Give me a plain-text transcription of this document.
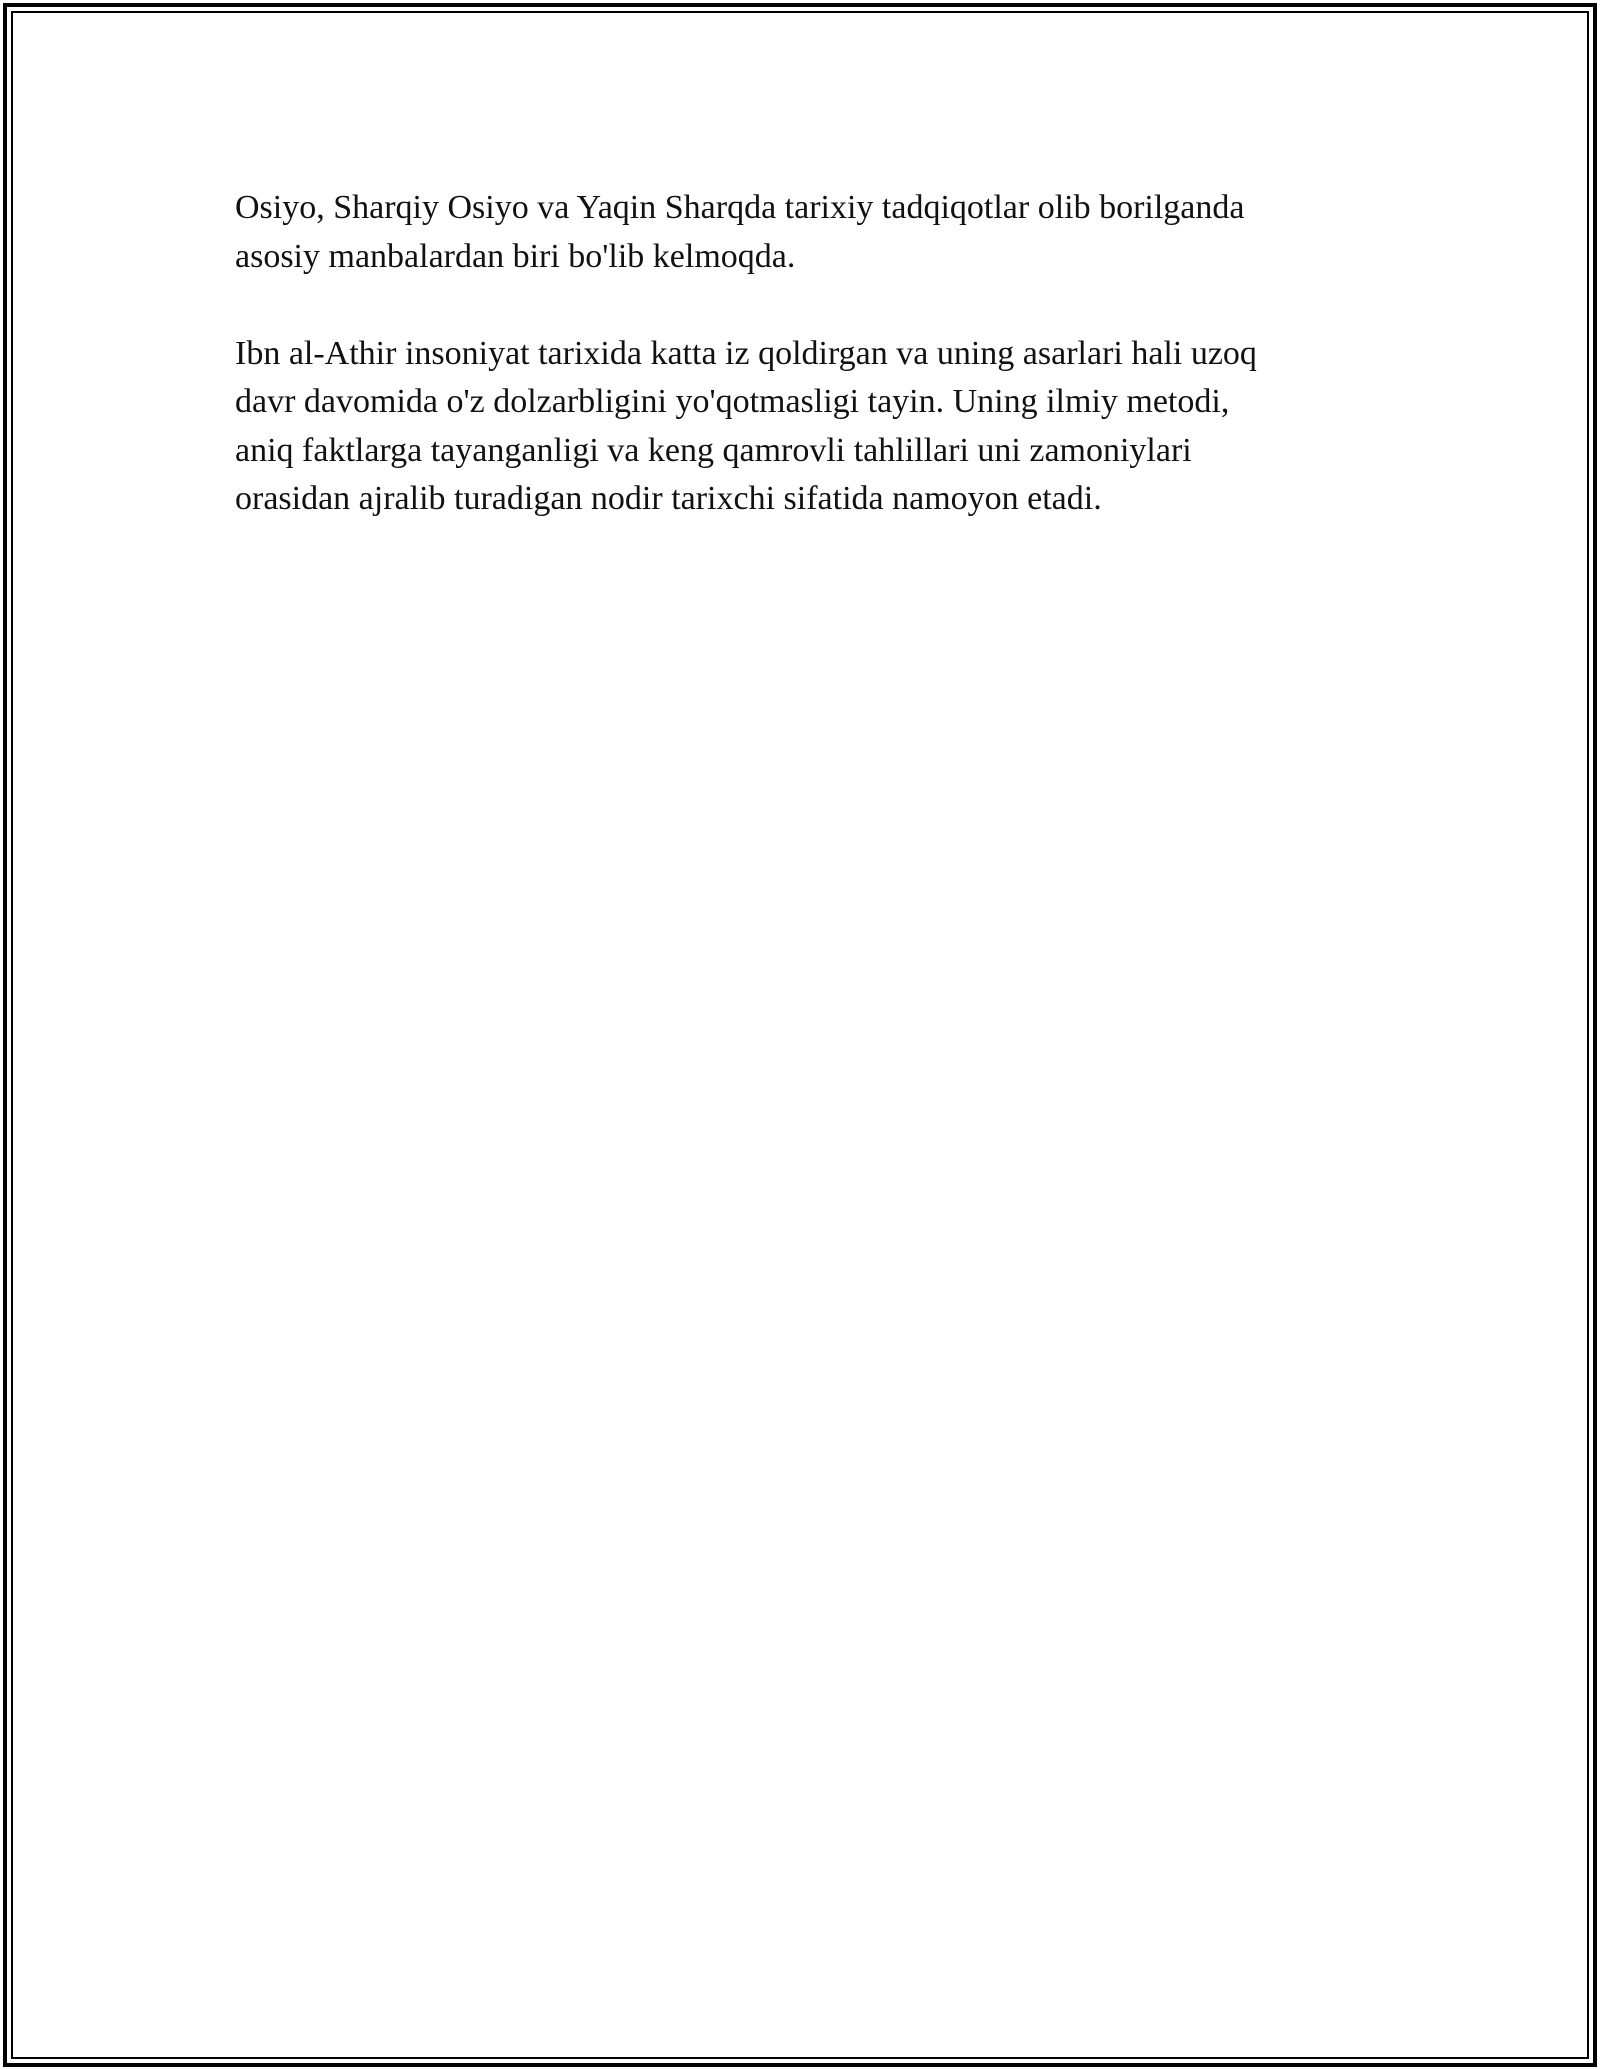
Osiyo, Sharqiy Osiyo va Yaqin Sharqda tarixiy tadqiqotlar olib borilganda
asosiy manbalardan biri bo'lib kelmoqda.

Ibn al-Athir insoniyat tarixida katta iz qoldirgan va uning asarlari hali uzoq
davr davomida o'z dolzarbligini yo'qotmasligi tayin. Uning ilmiy metodi,
aniq faktlarga tayanganligi va keng qamrovli tahlillari uni zamoniylari
orasidan ajralib turadigan nodir tarixchi sifatida namoyon etadi.
